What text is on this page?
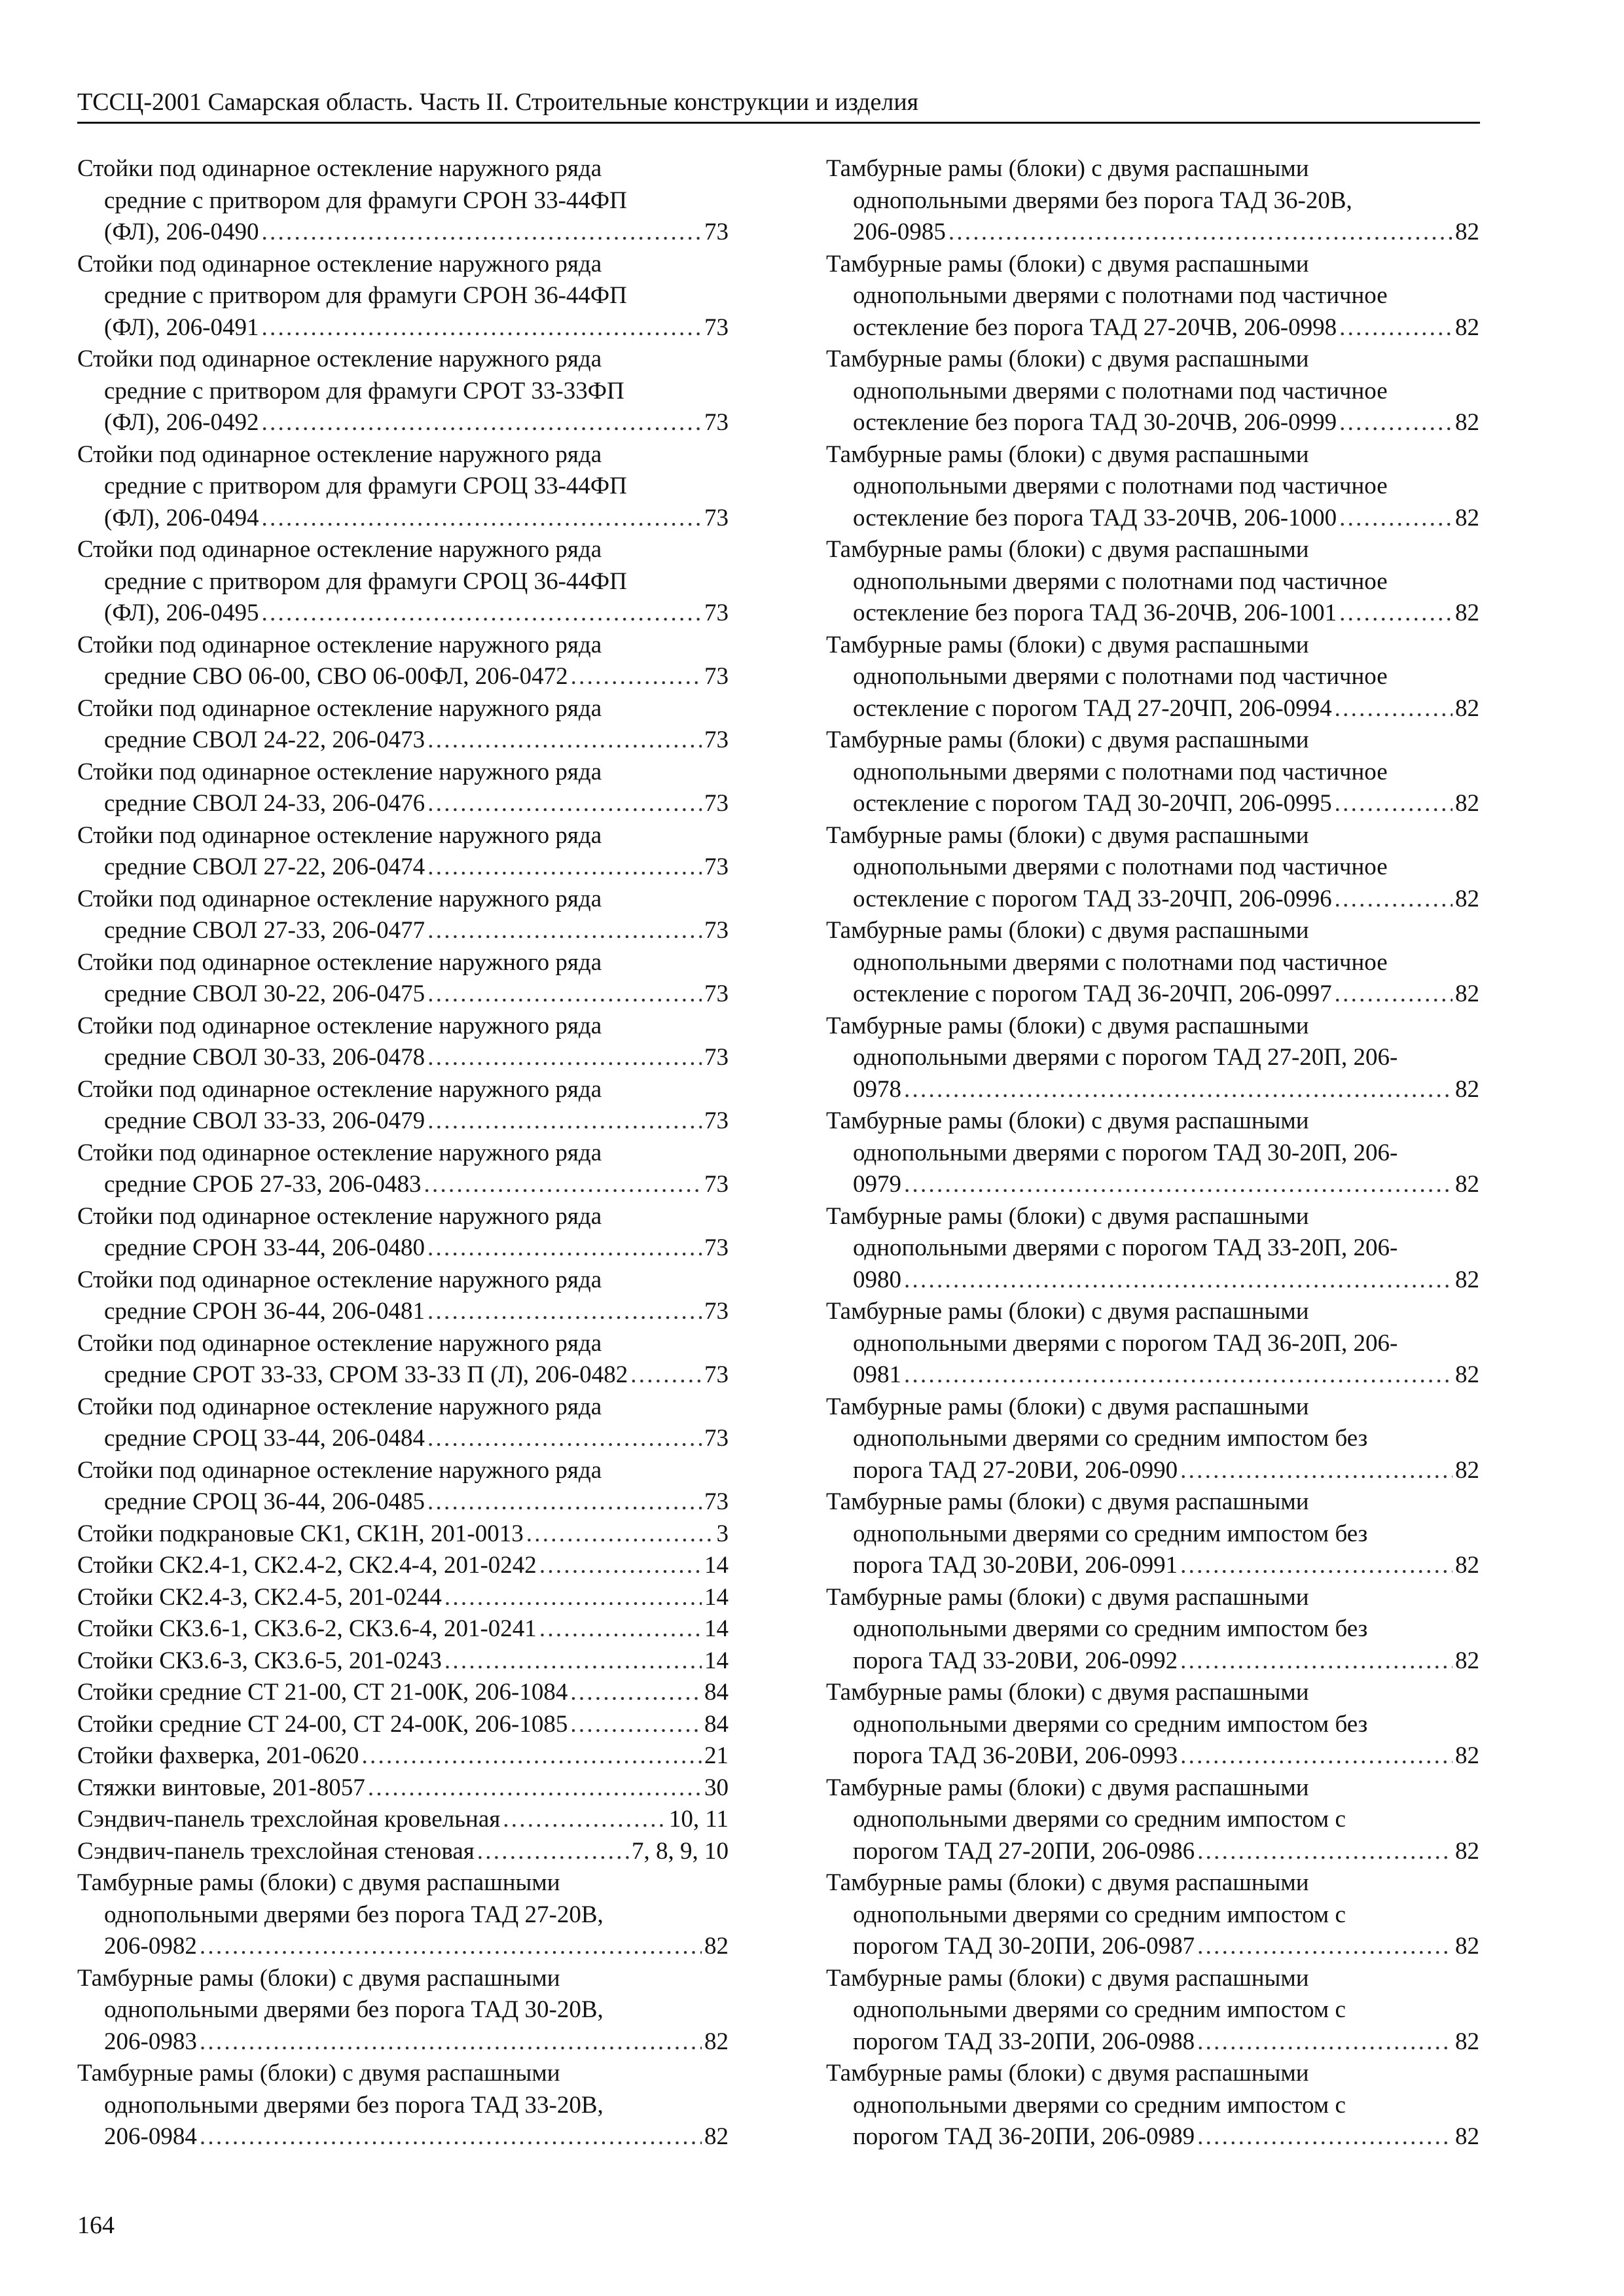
ТССЦ-2001 Самарская область. Часть II. Строительные конструкции и изделия
Стойки под одинарное остекление наружного ряда
средние с притвором для фрамуги СРОН 33-44ФП
(ФЛ), 206-0490 . . .	73
Стойки под одинарное остекление наружного ряда
средние с притвором для фрамуги СРОН 36-44ФП
(ФЛ), 206-0491 . . .	73
Стойки под одинарное остекление наружного ряда
средние с притвором для фрамуги СРОТ 33-33ФП
(ФЛ), 206-0492 . . .	73
Стойки под одинарное остекление наружного ряда
средние с притвором для фрамуги СРОЦ 33-44ФП
(ФЛ), 206-0494 . . .	73
Стойки под одинарное остекление наружного ряда
средние с притвором для фрамуги СРОЦ 36-44ФП
(ФЛ), 206-0495 . . .	73
Стойки под одинарное остекление наружного ряда
средние СВО 06-00, СВО 06-00ФЛ, 206-0472 . . .	73
Стойки под одинарное остекление наружного ряда
средние СВОЛ 24-22, 206-0473 . . .	73
Стойки под одинарное остекление наружного ряда
средние СВОЛ 24-33, 206-0476 . . .	73
Стойки под одинарное остекление наружного ряда
средние СВОЛ 27-22, 206-0474 . . .	73
Стойки под одинарное остекление наружного ряда
средние СВОЛ 27-33, 206-0477 . . .	73
Стойки под одинарное остекление наружного ряда
средние СВОЛ 30-22, 206-0475 . . .	73
Стойки под одинарное остекление наружного ряда
средние СВОЛ 30-33, 206-0478 . . .	73
Стойки под одинарное остекление наружного ряда
средние СВОЛ 33-33, 206-0479 . . .	73
Стойки под одинарное остекление наружного ряда
средние СРОБ 27-33, 206-0483 . . .	73
Стойки под одинарное остекление наружного ряда
средние СРОН 33-44, 206-0480 . . .	73
Стойки под одинарное остекление наружного ряда
средние СРОН 36-44, 206-0481 . . .	73
Стойки под одинарное остекление наружного ряда
средние СРОТ 33-33, СРОМ 33-33 П (Л), 206-0482 . . .	73
Стойки под одинарное остекление наружного ряда
средние СРОЦ 33-44, 206-0484 . . .	73
Стойки под одинарное остекление наружного ряда
средние СРОЦ 36-44, 206-0485 . . .	73
Стойки подкрановые СК1, СК1Н, 201-0013 . . .	3
Стойки СК2.4-1, СК2.4-2, СК2.4-4, 201-0242 . . .	14
Стойки СК2.4-3, СК2.4-5, 201-0244 . . .	14
Стойки СК3.6-1, СК3.6-2, СК3.6-4, 201-0241 . . .	14
Стойки СК3.6-3, СК3.6-5, 201-0243 . . .	14
Стойки средние СТ 21-00, СТ 21-00К, 206-1084 . . .	84
Стойки средние СТ 24-00, СТ 24-00К, 206-1085 . . .	84
Стойки фахверка, 201-0620 . . .	21
Стяжки винтовые, 201-8057 . . .	30
Сэндвич-панель трехслойная кровельная . . .	10, 11
Сэндвич-панель трехслойная стеновая . . .	7, 8, 9, 10
Тамбурные рамы (блоки) с двумя распашными
однопольными дверями без порога ТАД 27-20В,
206-0982 . . .	82
Тамбурные рамы (блоки) с двумя распашными
однопольными дверями без порога ТАД 30-20В,
206-0983 . . .	82
Тамбурные рамы (блоки) с двумя распашными
однопольными дверями без порога ТАД 33-20В,
206-0984 . . .	82
Тамбурные рамы (блоки) с двумя распашными
однопольными дверями без порога ТАД 36-20В,
206-0985 . . .	82
Тамбурные рамы (блоки) с двумя распашными
однопольными дверями с полотнами под частичное
остекление без порога ТАД 27-20ЧВ, 206-0998 . . .	82
Тамбурные рамы (блоки) с двумя распашными
однопольными дверями с полотнами под частичное
остекление без порога ТАД 30-20ЧВ, 206-0999 . . .	82
Тамбурные рамы (блоки) с двумя распашными
однопольными дверями с полотнами под частичное
остекление без порога ТАД 33-20ЧВ, 206-1000 . . .	82
Тамбурные рамы (блоки) с двумя распашными
однопольными дверями с полотнами под частичное
остекление без порога ТАД 36-20ЧВ, 206-1001 . . .	82
Тамбурные рамы (блоки) с двумя распашными
однопольными дверями с полотнами под частичное
остекление с порогом ТАД 27-20ЧП, 206-0994 . . .	82
Тамбурные рамы (блоки) с двумя распашными
однопольными дверями с полотнами под частичное
остекление с порогом ТАД 30-20ЧП, 206-0995 . . .	82
Тамбурные рамы (блоки) с двумя распашными
однопольными дверями с полотнами под частичное
остекление с порогом ТАД 33-20ЧП, 206-0996 . . .	82
Тамбурные рамы (блоки) с двумя распашными
однопольными дверями с полотнами под частичное
остекление с порогом ТАД 36-20ЧП, 206-0997 . . .	82
Тамбурные рамы (блоки) с двумя распашными
однопольными дверями с порогом ТАД 27-20П, 206-
0978 . . .	82
Тамбурные рамы (блоки) с двумя распашными
однопольными дверями с порогом ТАД 30-20П, 206-
0979 . . .	82
Тамбурные рамы (блоки) с двумя распашными
однопольными дверями с порогом ТАД 33-20П, 206-
0980 . . .	82
Тамбурные рамы (блоки) с двумя распашными
однопольными дверями с порогом ТАД 36-20П, 206-
0981 . . .	82
Тамбурные рамы (блоки) с двумя распашными
однопольными дверями со средним импостом без
порога ТАД 27-20ВИ, 206-0990 . . .	82
Тамбурные рамы (блоки) с двумя распашными
однопольными дверями со средним импостом без
порога ТАД 30-20ВИ, 206-0991 . . .	82
Тамбурные рамы (блоки) с двумя распашными
однопольными дверями со средним импостом без
порога ТАД 33-20ВИ, 206-0992 . . .	82
Тамбурные рамы (блоки) с двумя распашными
однопольными дверями со средним импостом без
порога ТАД 36-20ВИ, 206-0993 . . .	82
Тамбурные рамы (блоки) с двумя распашными
однопольными дверями со средним импостом с
порогом ТАД 27-20ПИ, 206-0986 . . .	82
Тамбурные рамы (блоки) с двумя распашными
однопольными дверями со средним импостом с
порогом ТАД 30-20ПИ, 206-0987 . . .	82
Тамбурные рамы (блоки) с двумя распашными
однопольными дверями со средним импостом с
порогом ТАД 33-20ПИ, 206-0988 . . .	82
Тамбурные рамы (блоки) с двумя распашными
однопольными дверями со средним импостом с
порогом ТАД 36-20ПИ, 206-0989 . . .	82
164
